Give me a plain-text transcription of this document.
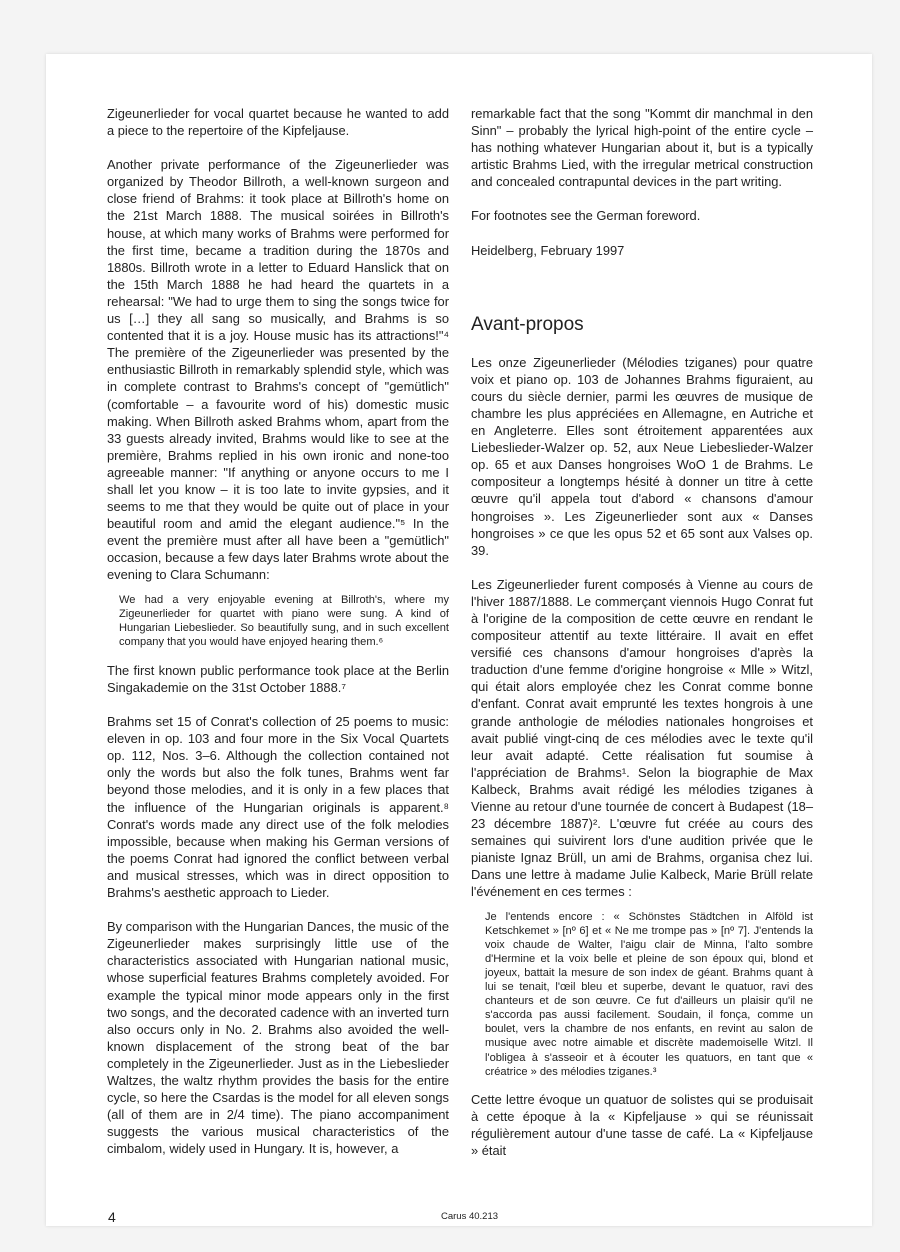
Zigeunerlieder for vocal quartet because he wanted to add a piece to the repertoire of the Kipfeljause.

Another private performance of the Zigeunerlieder was organized by Theodor Billroth, a well-known surgeon and close friend of Brahms: it took place at Billroth's home on the 21st March 1888. The musical soirées in Billroth's house, at which many works of Brahms were performed for the first time, became a tradition during the 1870s and 1880s. Billroth wrote in a letter to Eduard Hanslick that on the 15th March 1888 he had heard the quartets in a rehearsal: "We had to urge them to sing the songs twice for us […] they all sang so musically, and Brahms is so contented that it is a joy. House music has its attractions!"⁴ The première of the Zigeunerlieder was presented by the enthusiastic Billroth in remarkably splendid style, which was in complete contrast to Brahms's concept of "gemütlich" (comfortable – a favourite word of his) domestic music making. When Billroth asked Brahms whom, apart from the 33 guests already invited, Brahms would like to see at the première, Brahms replied in his own ironic and none-too agreeable manner: "If anything or anyone occurs to me I shall let you know – it is too late to invite gypsies, and it seems to me that they would be quite out of place in your beautiful room and amid the elegant audience."⁵ In the event the première must after all have been a "gemütlich" occasion, because a few days later Brahms wrote about the evening to Clara Schumann:

We had a very enjoyable evening at Billroth's, where my Zigeunerlieder for quartet with piano were sung. A kind of Hungarian Liebeslieder. So beautifully sung, and in such excellent company that you would have enjoyed hearing them.⁶

The first known public performance took place at the Berlin Singakademie on the 31st October 1888.⁷

Brahms set 15 of Conrat's collection of 25 poems to music: eleven in op. 103 and four more in the Six Vocal Quartets op. 112, Nos. 3–6. Although the collection contained not only the words but also the folk tunes, Brahms went far beyond those melodies, and it is only in a few places that the influence of the Hungarian originals is apparent.⁸ Conrat's words made any direct use of the folk melodies impossible, because when making his German versions of the poems Conrat had ignored the conflict between verbal and musical stresses, which was in direct opposition to Brahms's aesthetic approach to Lieder.

By comparison with the Hungarian Dances, the music of the Zigeunerlieder makes surprisingly little use of the characteristics associated with Hungarian national music, whose superficial features Brahms completely avoided. For example the typical minor mode appears only in the first two songs, and the decorated cadence with an inverted turn also occurs only in No. 2. Brahms also avoided the well-known displacement of the strong beat of the bar completely in the Zigeunerlieder. Just as in the Liebeslieder Waltzes, the waltz rhythm provides the basis for the entire cycle, so here the Csardas is the model for all eleven songs (all of them are in 2/4 time). The piano accompaniment suggests the various musical characteristics of the cimbalom, widely used in Hungary. It is, however, a

remarkable fact that the song "Kommt dir manchmal in den Sinn" – probably the lyrical high-point of the entire cycle – has nothing whatever Hungarian about it, but is a typically artistic Brahms Lied, with the irregular metrical construction and concealed contrapuntal devices in the part writing.

For footnotes see the German foreword.

Heidelberg, February 1997

Avant-propos

Les onze Zigeunerlieder (Mélodies tziganes) pour quatre voix et piano op. 103 de Johannes Brahms figuraient, au cours du siècle dernier, parmi les œuvres de musique de chambre les plus appréciées en Allemagne, en Autriche et en Angleterre. Elles sont étroitement apparentées aux Liebeslieder-Walzer op. 52, aux Neue Liebeslieder-Walzer op. 65 et aux Danses hongroises WoO 1 de Brahms. Le compositeur a longtemps hésité à donner un titre à cette œuvre qu'il appela tout d'abord « chansons d'amour hongroises ». Les Zigeunerlieder sont aux « Danses hongroises » ce que les opus 52 et 65 sont aux Valses op. 39.

Les Zigeunerlieder furent composés à Vienne au cours de l'hiver 1887/1888. Le commerçant viennois Hugo Conrat fut à l'origine de la composition de cette œuvre en rendant le compositeur attentif au texte littéraire. Il avait en effet versifié ces chansons d'amour hongroises d'après la traduction d'une femme d'origine hongroise « Mlle » Witzl, qui était alors employée chez les Conrat comme bonne d'enfant. Conrat avait emprunté les textes hongrois à une grande anthologie de mélodies nationales hongroises et avait publié vingt-cinq de ces mélodies avec le texte qu'il leur avait adapté. Cette réalisation fut soumise à l'appréciation de Brahms¹. Selon la biographie de Max Kalbeck, Brahms avait rédigé les mélodies tziganes à Vienne au retour d'une tournée de concert à Budapest (18–23 décembre 1887)². L'œuvre fut créée au cours des semaines qui suivirent lors d'une audition privée que le pianiste Ignaz Brüll, un ami de Brahms, organisa chez lui. Dans une lettre à madame Julie Kalbeck, Marie Brüll relate l'événement en ces termes :

Je l'entends encore : « Schönstes Städtchen in Alföld ist Ketschkemet » [nº 6] et « Ne me trompe pas » [nº 7]. J'entends la voix chaude de Walter, l'aigu clair de Minna, l'alto sombre d'Hermine et la voix belle et pleine de son époux qui, blond et joyeux, battait la mesure de son index de géant. Brahms quant à lui se tenait, l'œil bleu et superbe, devant le quatuor, ravi des chanteurs et de son œuvre. Ce fut d'ailleurs un plaisir qu'il ne s'accorda pas aussi facilement. Soudain, il fonça, comme un boulet, vers la chambre de nos enfants, en revint au salon de musique avec notre aimable et discrète mademoiselle Witzl. Il l'obligea à s'asseoir et à écouter les quatuors, en tant que « créatrice » des mélodies tziganes.³

Cette lettre évoque un quatuor de solistes qui se produisait à cette époque à la « Kipfeljause » qui se réunissait régulièrement autour d'une tasse de café. La « Kipfeljause » était

4	Carus 40.213
